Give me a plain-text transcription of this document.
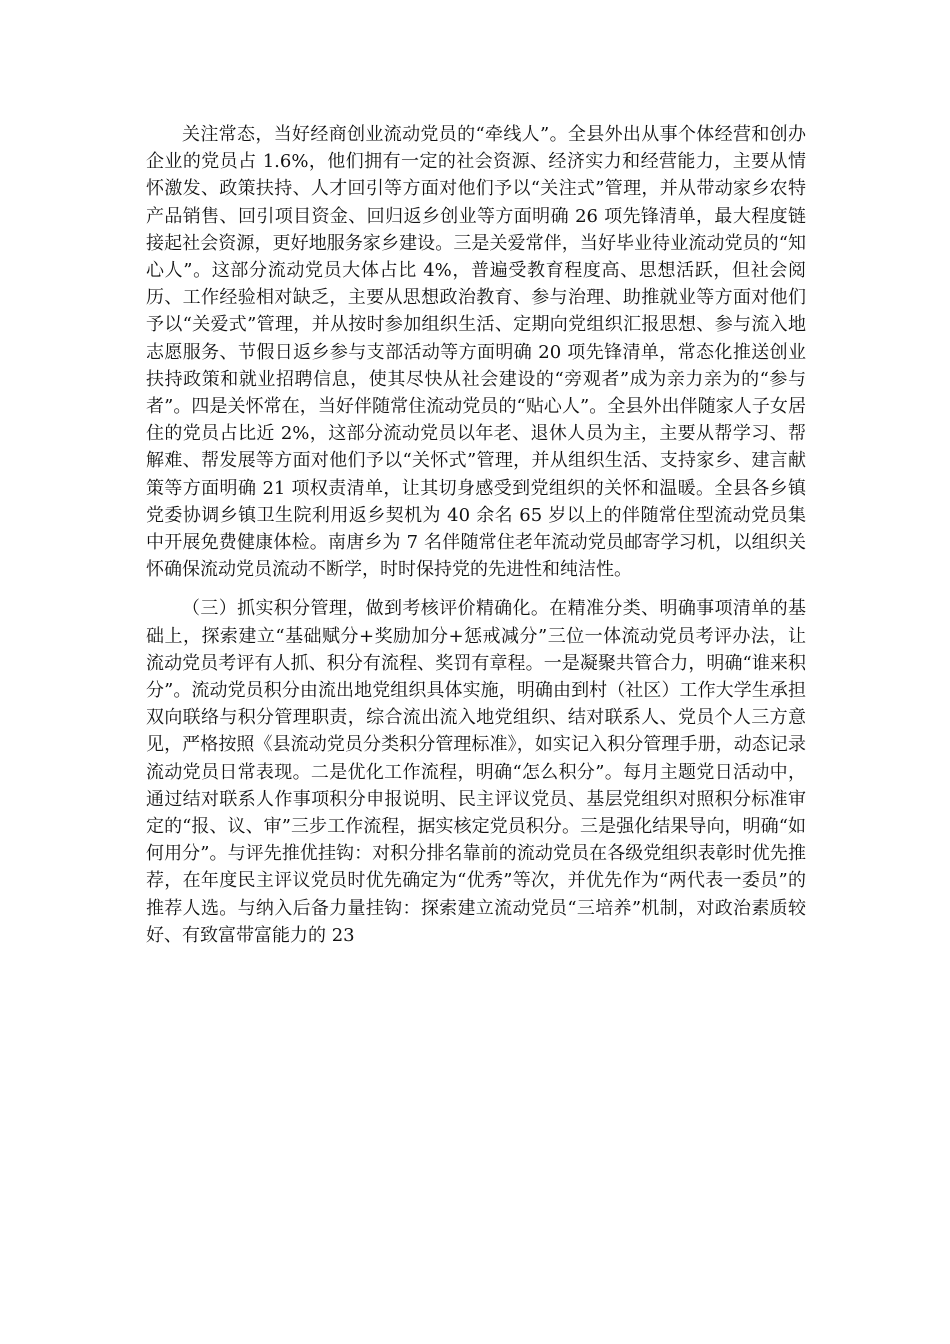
关注常态，当好经商创业流动党员的“牵线人”。全县外出从事个体经营和创办企业的党员占 1.6%，他们拥有一定的社会资源、经济实力和经营能力，主要从情怀激发、政策扶持、人才回引等方面对他们予以“关注式”管理，并从带动家乡农特产品销售、回引项目资金、回归返乡创业等方面明确 26 项先锋清单，最大程度链接起社会资源，更好地服务家乡建设。三是关爱常伴，当好毕业待业流动党员的“知心人”。这部分流动党员大体占比 4%，普遍受教育程度高、思想活跃，但社会阅历、工作经验相对缺乏，主要从思想政治教育、参与治理、助推就业等方面对他们予以“关爱式”管理，并从按时参加组织生活、定期向党组织汇报思想、参与流入地志愿服务、节假日返乡参与支部活动等方面明确 20 项先锋清单，常态化推送创业扶持政策和就业招聘信息，使其尽快从社会建设的“旁观者”成为亲力亲为的“参与者”。四是关怀常在，当好伴随常住流动党员的“贴心人”。全县外出伴随家人子女居住的党员占比近 2%，这部分流动党员以年老、退休人员为主，主要从帮学习、帮解难、帮发展等方面对他们予以“关怀式”管理，并从组织生活、支持家乡、建言献策等方面明确 21 项权责清单，让其切身感受到党组织的关怀和温暖。全县各乡镇党委协调乡镇卫生院利用返乡契机为 40 余名 65 岁以上的伴随常住型流动党员集中开展免费健康体检。南唐乡为 7 名伴随常住老年流动党员邮寄学习机，以组织关怀确保流动党员流动不断学，时时保持党的先进性和纯洁性。

（三）抓实积分管理，做到考核评价精确化。在精准分类、明确事项清单的基础上，探索建立“基础赋分+奖励加分+惩戒减分”三位一体流动党员考评办法，让流动党员考评有人抓、积分有流程、奖罚有章程。一是凝聚共管合力，明确“谁来积分”。流动党员积分由流出地党组织具体实施，明确由到村（社区）工作大学生承担双向联络与积分管理职责，综合流出流入地党组织、结对联系人、党员个人三方意见，严格按照《县流动党员分类积分管理标准》，如实记入积分管理手册，动态记录流动党员日常表现。二是优化工作流程，明确“怎么积分”。每月主题党日活动中，通过结对联系人作事项积分申报说明、民主评议党员、基层党组织对照积分标准审定的“报、议、审”三步工作流程，据实核定党员积分。三是强化结果导向，明确“如何用分”。与评先推优挂钩：对积分排名靠前的流动党员在各级党组织表彰时优先推荐，在年度民主评议党员时优先确定为“优秀”等次，并优先作为“两代表一委员”的推荐人选。与纳入后备力量挂钩：探索建立流动党员“三培养”机制，对政治素质较好、有致富带富能力的 23
